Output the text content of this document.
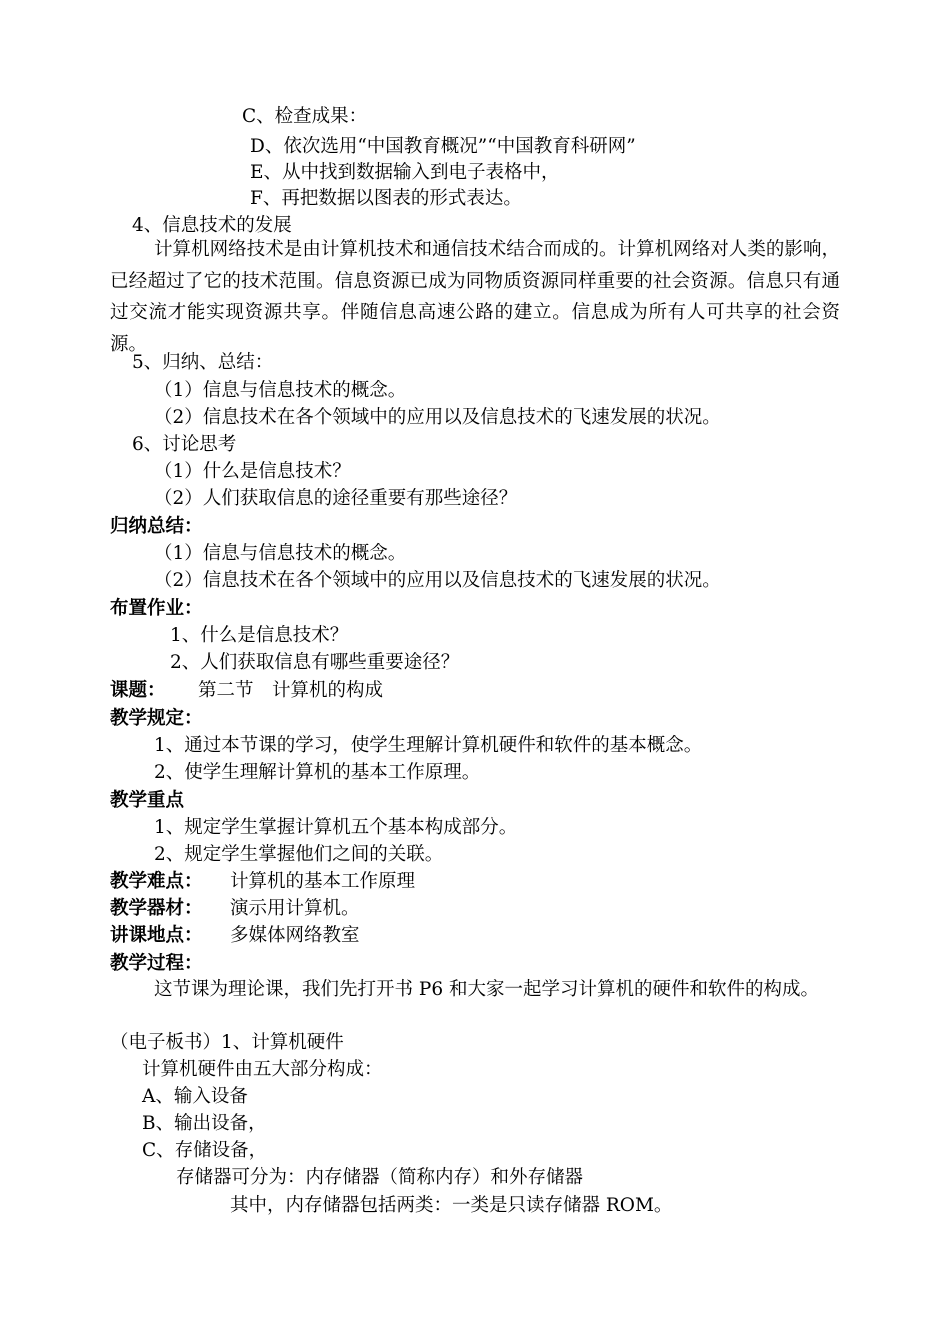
C、检查成果：
D、依次选用“中国教育概况”“中国教育科研网”
E、从中找到数据输入到电子表格中，
F、再把数据以图表的形式表达。
4、信息技术的发展
计算机网络技术是由计算机技术和通信技术结合而成的。计算机网络对人类的影响，已经超过了它的技术范围。信息资源已成为同物质资源同样重要的社会资源。信息只有通过交流才能实现资源共享。伴随信息高速公路的建立。信息成为所有人可共享的社会资源。
5、归纳、总结：
（1）信息与信息技术的概念。
（2）信息技术在各个领域中的应用以及信息技术的飞速发展的状况。
6、讨论思考
（1）什么是信息技术？
（2）人们获取信息的途径重要有那些途径？
归纳总结：
（1）信息与信息技术的概念。
（2）信息技术在各个领域中的应用以及信息技术的飞速发展的状况。
布置作业：
1、什么是信息技术？
2、人们获取信息有哪些重要途径？
课题： 第二节　计算机的构成
教学规定：
1、通过本节课的学习，使学生理解计算机硬件和软件的基本概念。
2、使学生理解计算机的基本工作原理。
教学重点
1、规定学生掌握计算机五个基本构成部分。
2、规定学生掌握他们之间的关联。
教学难点： 计算机的基本工作原理
教学器材： 演示用计算机。
讲课地点： 多媒体网络教室
教学过程：
这节课为理论课，我们先打开书 P6 和大家一起学习计算机的硬件和软件的构成。
（电子板书）1、计算机硬件
计算机硬件由五大部分构成：
A、输入设备
B、输出设备，
C、存储设备，
存储器可分为：内存储器（简称内存）和外存储器
其中，内存储器包括两类：一类是只读存储器 ROM。
